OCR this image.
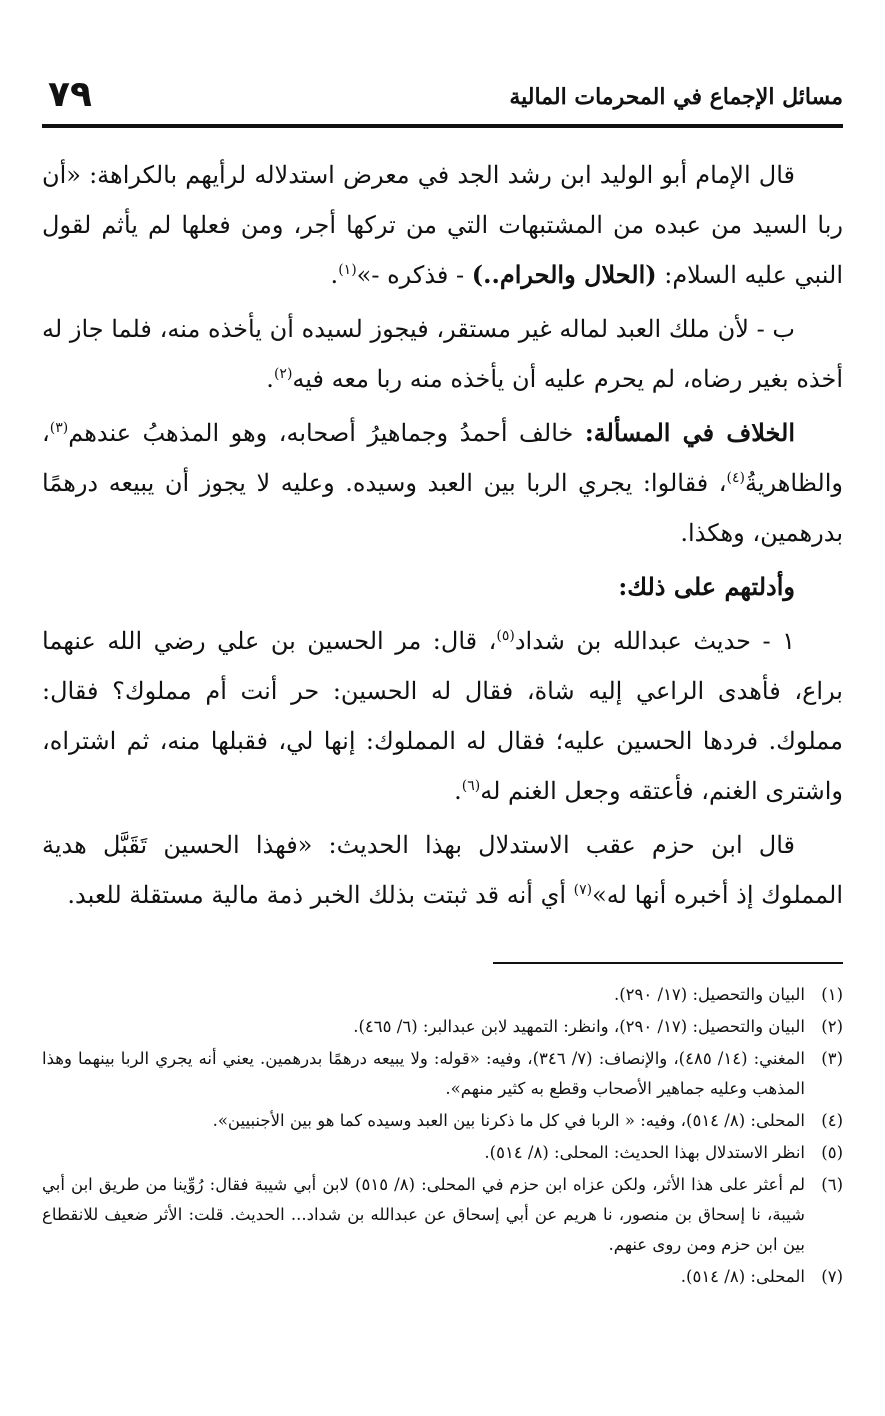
٧٩	مسائل الإجماع في المحرمات المالية

قال الإمام أبو الوليد ابن رشد الجد في معرض استدلاله لرأيهم بالكراهة: «أن ربا السيد من عبده من المشتبهات التي من تركها أجر، ومن فعلها لم يأثم لقول النبي عليه السلام: (الحلال والحرام..) - فذكره -»$^{(١)}$.

ب - لأن ملك العبد لماله غير مستقر، فيجوز لسيده أن يأخذه منه، فلما جاز له أخذه بغير رضاه، لم يحرم عليه أن يأخذه منه ربا معه فيه$^{(٢)}$.

الخلاف في المسألة: خالف أحمدُ وجماهيرُ أصحابه، وهو المذهبُ عندهم$^{(٣)}$، والظاهريةُ$^{(٤)}$، فقالوا: يجري الربا بين العبد وسيده. وعليه لا يجوز أن يبيعه درهمًا بدرهمين، وهكذا.

وأدلتهم على ذلك:

١ - حديث عبدالله بن شداد$^{(٥)}$، قال: مر الحسين بن علي رضي الله عنهما براع، فأهدى الراعي إليه شاة، فقال له الحسين: حر أنت أم مملوك؟ فقال: مملوك. فردها الحسين عليه؛ فقال له المملوك: إنها لي، فقبلها منه، ثم اشتراه، واشترى الغنم، فأعتقه وجعل الغنم له$^{(٦)}$.

قال ابن حزم عقب الاستدلال بهذا الحديث: «فهذا الحسين تَقَبَّل هدية المملوك إذ أخبره أنها له»$^{(٧)}$ أي أنه قد ثبتت بذلك الخبر ذمة مالية مستقلة للعبد.

(١)
البيان والتحصيل: (١٧/ ٢٩٠).
(٢)
البيان والتحصيل: (١٧/ ٢٩٠)، وانظر: التمهيد لابن عبدالبر: (٦/ ٤٦٥).
(٣)
المغني: (١٤/ ٤٨٥)، والإنصاف: (٧/ ٣٤٦)، وفيه: «قوله: ولا يبيعه درهمًا بدرهمين. يعني أنه يجري الربا بينهما وهذا المذهب وعليه جماهير الأصحاب وقطع به كثير منهم».
(٤)
المحلى: (٨/ ٥١٤)، وفيه: « الربا في كل ما ذكرنا بين العبد وسيده كما هو بين الأجنبيين».
(٥)
انظر الاستدلال بهذا الحديث: المحلى: (٨/ ٥١٤).
(٦)
لم أعثر على هذا الأثر، ولكن عزاه ابن حزم في المحلى: (٨/ ٥١٥) لابن أبي شيبة فقال: رُوِّينا من طريق ابن أبي شيبة، نا إسحاق بن منصور، نا هريم عن أبي إسحاق عن عبدالله بن شداد... الحديث. قلت: الأثر ضعيف للانقطاع بين ابن حزم ومن روى عنهم.
(٧)
المحلى: (٨/ ٥١٤).
